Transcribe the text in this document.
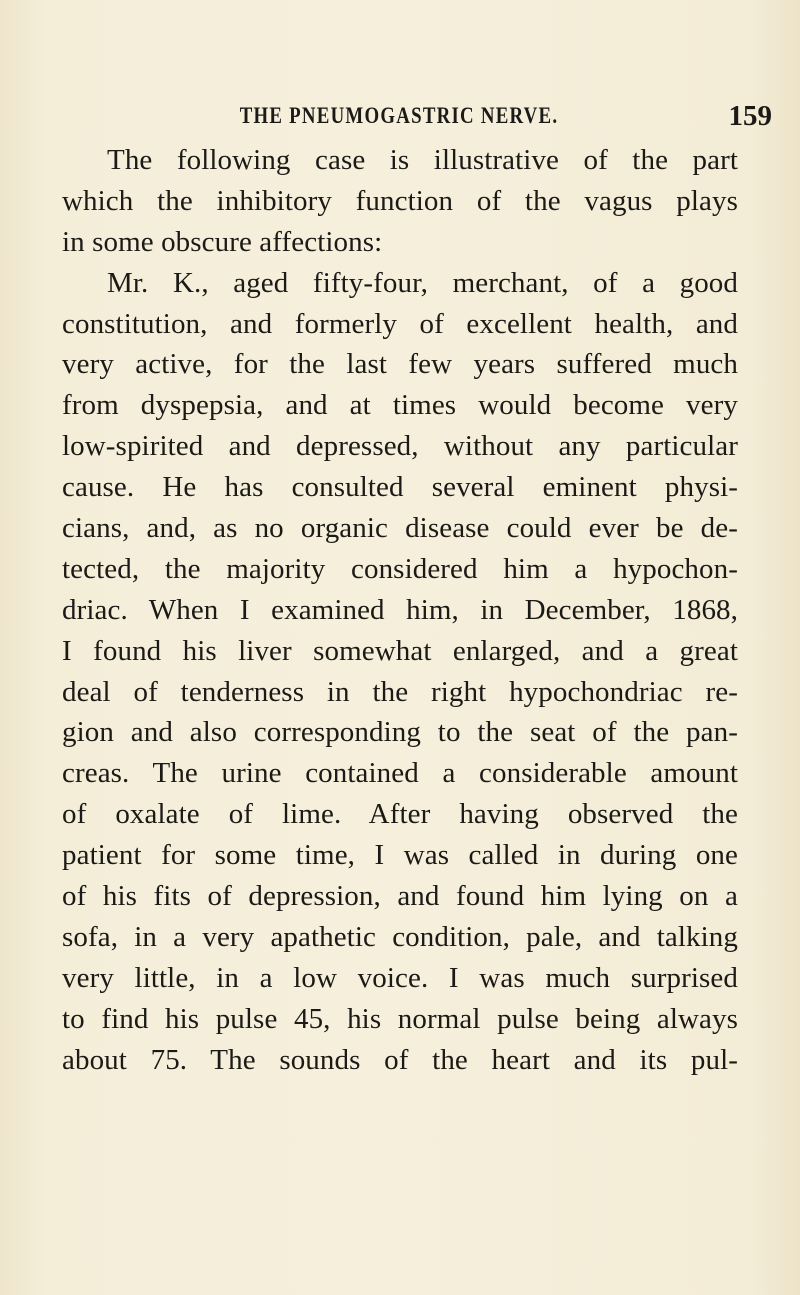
THE PNEUMOGASTRIC NERVE.	159
The following case is illustrative of the part
which the inhibitory function of the vagus plays
in some obscure affections:
Mr. K., aged fifty-four, merchant, of a good
constitution, and formerly of excellent health, and
very active, for the last few years suffered much
from dyspepsia, and at times would become very
low-spirited and depressed, without any particular
cause. He has consulted several eminent physi-
cians, and, as no organic disease could ever be de-
tected, the majority considered him a hypochon-
driac. When I examined him, in December, 1868,
I found his liver somewhat enlarged, and a great
deal of tenderness in the right hypochondriac re-
gion and also corresponding to the seat of the pan-
creas. The urine contained a considerable amount
of oxalate of lime. After having observed the
patient for some time, I was called in during one
of his fits of depression, and found him lying on a
sofa, in a very apathetic condition, pale, and talking
very little, in a low voice. I was much surprised
to find his pulse 45, his normal pulse being always
about 75. The sounds of the heart and its pul-
